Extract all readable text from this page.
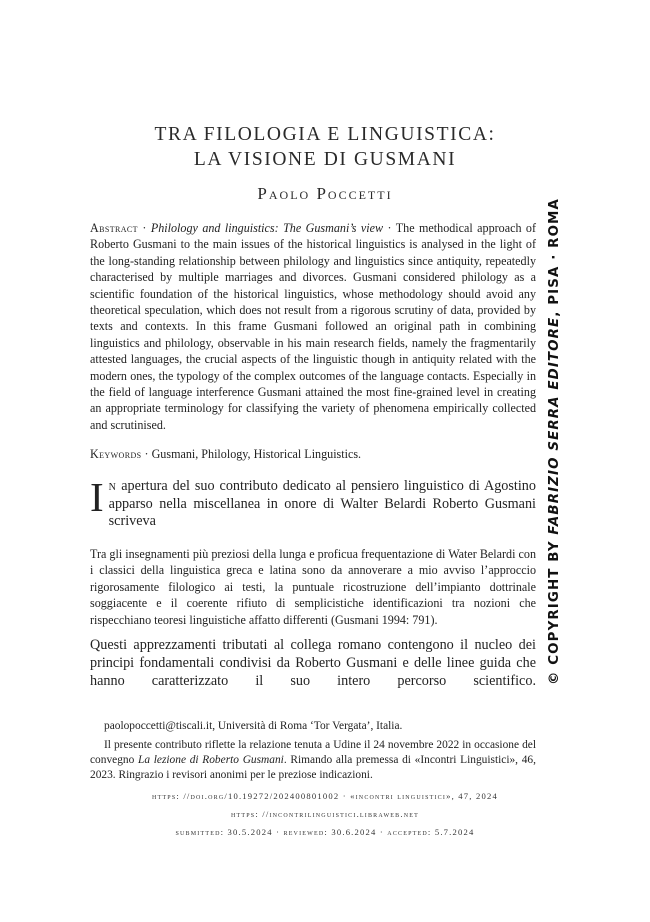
TRA FILOLOGIA E LINGUISTICA:
LA VISIONE DI GUSMANI
Paolo Poccetti
Abstract · Philology and linguistics: The Gusmani’s view · The methodical approach of Roberto Gusmani to the main issues of the historical linguistics is analysed in the light of the long-standing relationship between philology and linguistics since antiquity, repeatedly characterised by multiple marriages and divorces. Gusmani considered philology as a scientific foundation of the historical linguistics, whose methodology should avoid any theoretical speculation, which does not result from a rigorous scrutiny of data, provided by texts and contexts. In this frame Gusmani followed an original path in combining linguistics and philology, observable in his main research fields, namely the fragmentarily attested languages, the crucial aspects of the linguistic though in antiquity related with the modern ones, the typology of the complex outcomes of the language contacts. Especially in the field of language interference Gusmani attained the most fine-grained level in creating an appropriate terminology for classifying the variety of phenomena empirically collected and scrutinised.
Keywords · Gusmani, Philology, Historical Linguistics.
In apertura del suo contributo dedicato al pensiero linguistico di Agostino apparso nella miscellanea in onore di Walter Belardi Roberto Gusmani scriveva
Tra gli insegnamenti più preziosi della lunga e proficua frequentazione di Water Belardi con i classici della linguistica greca e latina sono da annoverare a mio avviso l’approccio rigorosamente filologico ai testi, la puntuale ricostruzione dell’impianto dottrinale soggiacente e il coerente rifiuto di semplicistiche identificazioni tra nozioni che rispecchiano teoresi linguistiche affatto differenti (Gusmani 1994: 791).
Questi apprezzamenti tributati al collega romano contengono il nucleo dei principi fondamentali condivisi da Roberto Gusmani e delle linee guida che hanno caratterizzato il suo intero percorso scientifico.
paolopoccetti@tiscali.it, Università di Roma ‘Tor Vergata’, Italia.
Il presente contributo riflette la relazione tenuta a Udine il 24 novembre 2022 in occasione del convegno La lezione di Roberto Gusmani. Rimando alla premessa di «Incontri Linguistici», 46, 2023. Ringrazio i revisori anonimi per le preziose indicazioni.
https: //doi.org/10.19272/202400801002 · «incontri linguistici», 47, 2024
https: //incontrilinguistici.libraweb.net
submitted: 30.5.2024 · reviewed: 30.6.2024 · accepted: 5.7.2024
© COPYRIGHT BY FABRIZIO SERRA EDITORE, PISA · ROMA
